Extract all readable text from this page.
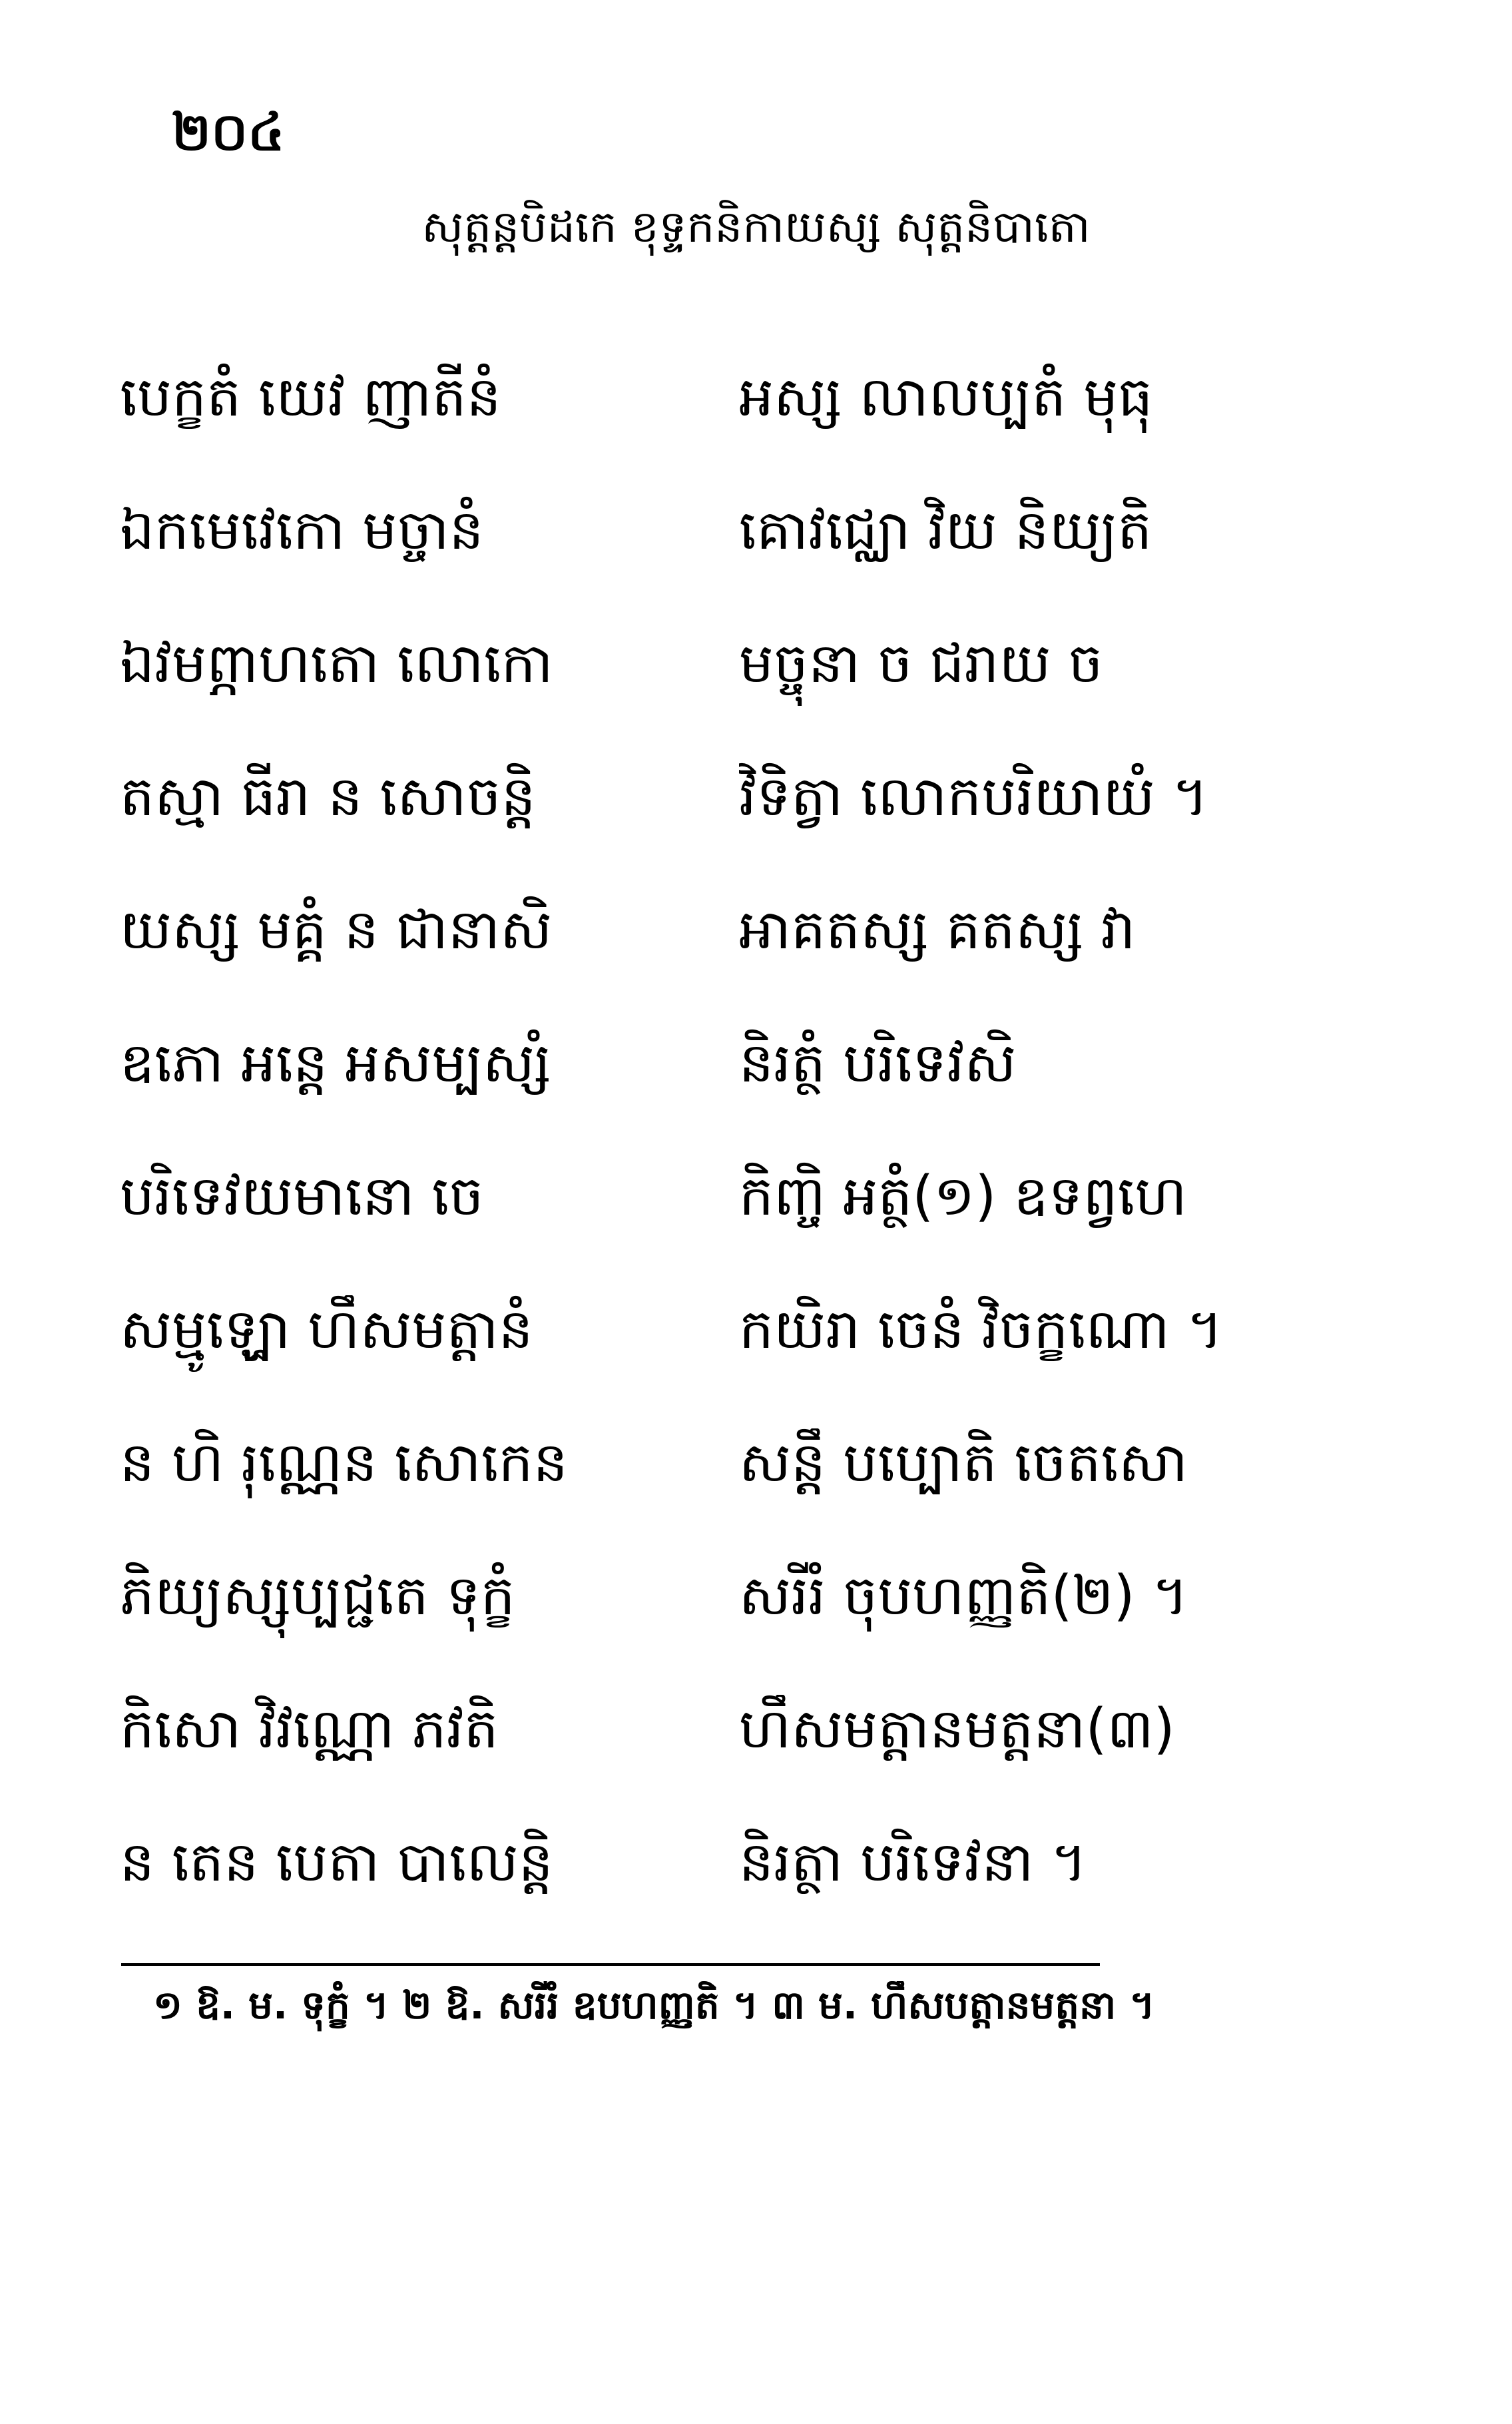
២០៤
សុត្តន្តបិដកេ ខុទ្ទកនិកាយស្ស សុត្តនិបាតោ
បេក្ខតំ យេវ ញាតីនំ	អស្ស លាលប្បតំ មុធុ
ឯកមេវេកោ មច្ចានំ	គោវជ្ឈោ វិយ និយ្យតិ
ឯវមព្ភាហតោ លោកោ	មច្ចុនា ច ជរាយ ច
តស្មា ធីរា ន សោចន្តិ	វិទិត្វា លោកបរិយាយំ ។
យស្ស មគ្គំ ន ជានាសិ	អាគតស្ស គតស្ស វា
ឧភោ អន្តេ អសម្បស្សំ	និរត្ថំ បរិទេវសិ
បរិទេវយមានោ ចេ	កិញ្ចិ អត្ថំ(១) ឧទព្វហេ
សម្មូឡ្ហោ ហឹសមត្តានំ	កយិរា ចេនំ វិចក្ខណោ ។
ន ហិ រុណ្ណេន សោកេន	សន្តឹ បប្បោតិ ចេតសោ
ភិយ្យស្សុប្បជ្ជតេ ទុក្ខំ	សរីរំ ចុបហញ្ញតិ(២) ។
កិសោ វិវណ្ណោ ភវតិ	ហឹសមត្តានមត្តនា(៣)
ន តេន បេតា បាលេន្តិ	និរត្ថា បរិទេវនា ។
១ ឱ. ម. ទុក្ខំ ។ ២ ឱ. សរីរំ ឧបហញ្ញតិ ។ ៣ ម. ហឹសបត្តានមត្តនា ។
